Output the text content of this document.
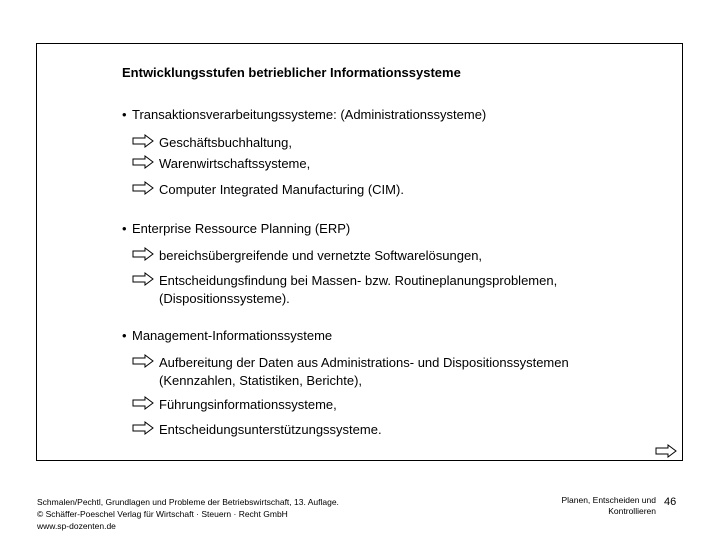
Entwicklungsstufen betrieblicher Informationssysteme
• Transaktionsverarbeitungssysteme: (Administrationssysteme)
Geschäftsbuchhaltung,
Warenwirtschaftssysteme,
Computer Integrated Manufacturing (CIM).
• Enterprise Ressource Planning (ERP)
bereichsübergreifende und vernetzte Softwarelösungen,
Entscheidungsfindung bei Massen- bzw. Routineplanungsproblemen,
(Dispositionssysteme).
• Management-Informationssysteme
Aufbereitung der Daten aus Administrations- und Dispositionssystemen
(Kennzahlen, Statistiken, Berichte),
Führungsinformationssysteme,
Entscheidungsunterstützungssysteme.
Schmalen/Pechtl, Grundlagen und Probleme der Betriebswirtschaft, 13. Auflage.
© Schäffer-Poeschel Verlag für Wirtschaft · Steuern · Recht GmbH
www.sp-dozenten.de
Planen, Entscheiden und
Kontrollieren
46
